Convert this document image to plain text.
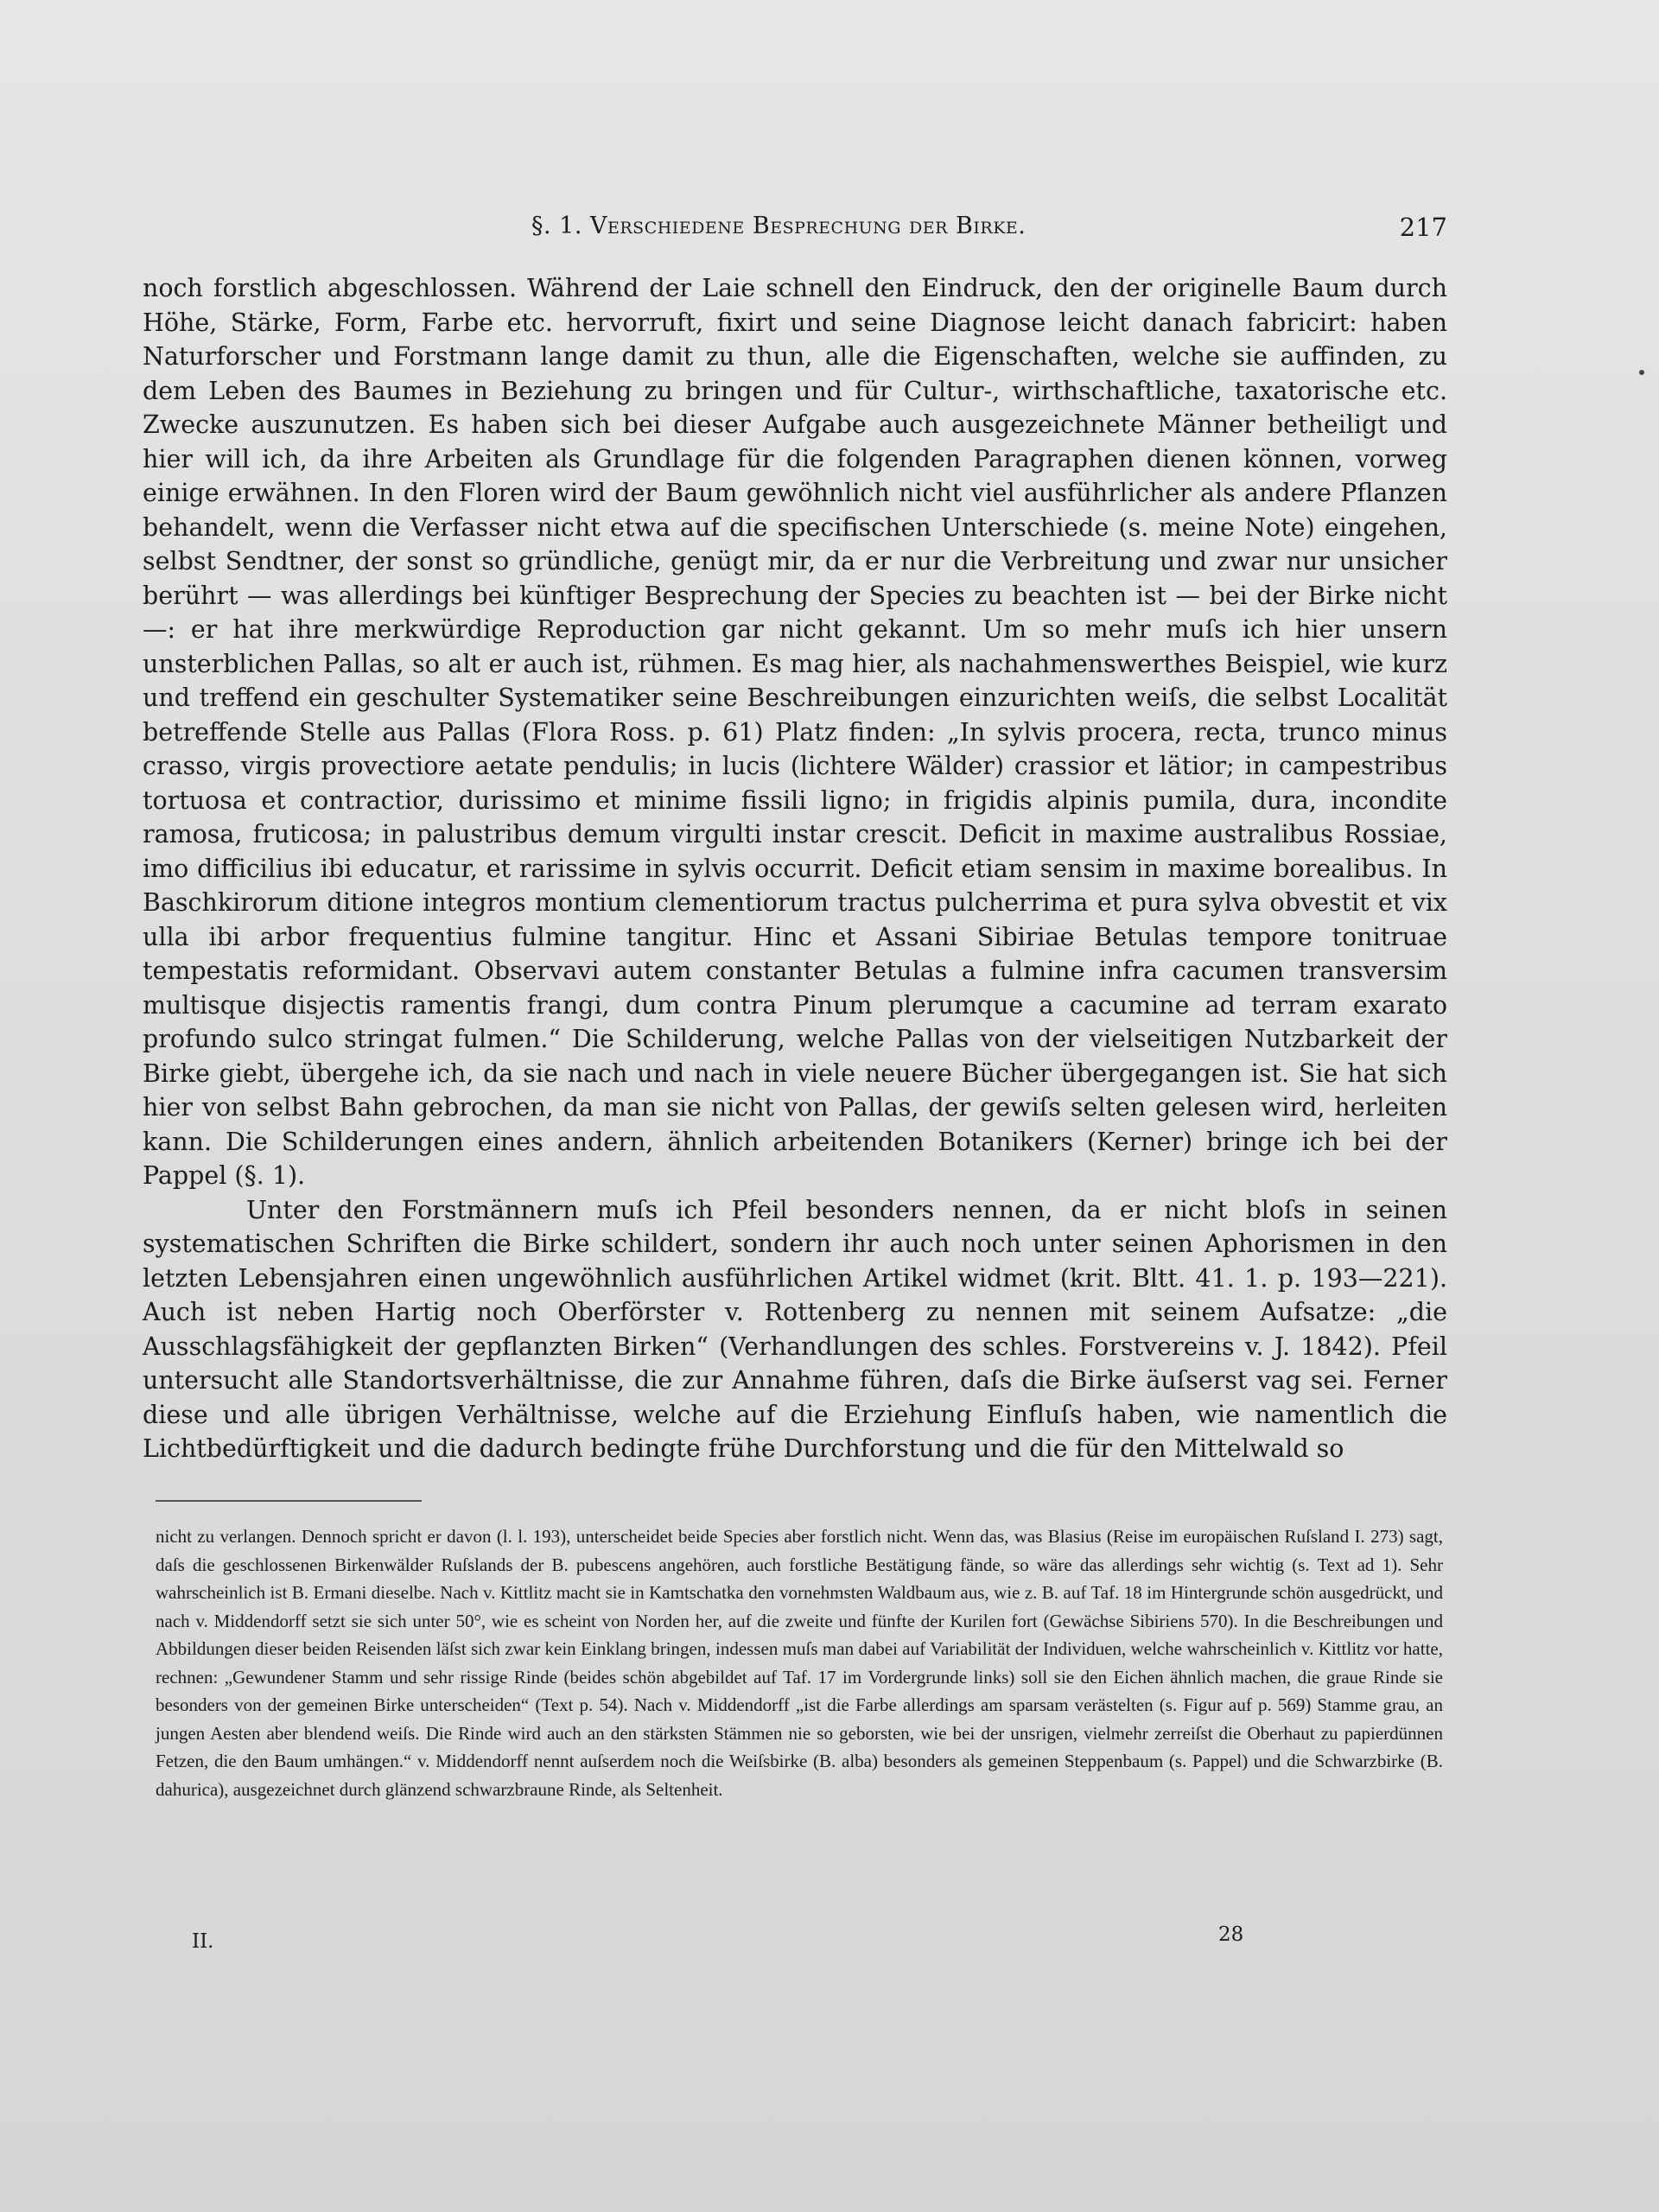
§. 1. Verschiedene Besprechung der Birke.	217

noch forstlich abgeschlossen. Während der Laie schnell den Eindruck, den der originelle Baum durch Höhe, Stärke, Form, Farbe etc. hervorruft, fixirt und seine Diagnose leicht danach fabricirt: haben Naturforscher und Forstmann lange damit zu thun, alle die Eigenschaften, welche sie auffinden, zu dem Leben des Baumes in Beziehung zu bringen und für Cultur-, wirthschaftliche, taxatorische etc. Zwecke auszunutzen. Es haben sich bei dieser Aufgabe auch ausgezeichnete Männer betheiligt und hier will ich, da ihre Arbeiten als Grundlage für die folgenden Paragraphen dienen können, vorweg einige erwähnen. In den Floren wird der Baum gewöhnlich nicht viel ausführlicher als andere Pflanzen behandelt, wenn die Verfasser nicht etwa auf die specifischen Unterschiede (s. meine Note) eingehen, selbst Sendtner, der sonst so gründliche, genügt mir, da er nur die Verbreitung und zwar nur unsicher berührt — was allerdings bei künftiger Besprechung der Species zu beachten ist — bei der Birke nicht —: er hat ihre merkwürdige Reproduction gar nicht gekannt. Um so mehr muſs ich hier unsern unsterblichen Pallas, so alt er auch ist, rühmen. Es mag hier, als nachahmenswerthes Beispiel, wie kurz und treffend ein geschulter Systematiker seine Beschreibungen einzurichten weiſs, die selbst Localität betreffende Stelle aus Pallas (Flora Ross. p. 61) Platz finden: „In sylvis procera, recta, trunco minus crasso, virgis provectiore aetate pendulis; in lucis (lichtere Wälder) crassior et lätior; in campestribus tortuosa et contractior, durissimo et minime fissili ligno; in frigidis alpinis pumila, dura, incondite ramosa, fruticosa; in palustribus demum virgulti instar crescit. Deficit in maxime australibus Rossiae, imo difficilius ibi educatur, et rarissime in sylvis occurrit. Deficit etiam sensim in maxime borealibus. In Baschkirorum ditione integros montium clementiorum tractus pulcherrima et pura sylva obvestit et vix ulla ibi arbor frequentius fulmine tangitur. Hinc et Assani Sibiriae Betulas tempore tonitruae tempestatis reformidant. Observavi autem constanter Betulas a fulmine infra cacumen transversim multisque disjectis ramentis frangi, dum contra Pinum plerumque a cacumine ad terram exarato profundo sulco stringat fulmen.“ Die Schilderung, welche Pallas von der vielseitigen Nutzbarkeit der Birke giebt, übergehe ich, da sie nach und nach in viele neuere Bücher übergegangen ist. Sie hat sich hier von selbst Bahn gebrochen, da man sie nicht von Pallas, der gewiſs selten gelesen wird, herleiten kann. Die Schilderungen eines andern, ähnlich arbeitenden Botanikers (Kerner) bringe ich bei der Pappel (§. 1).

Unter den Forstmännern muſs ich Pfeil besonders nennen, da er nicht bloſs in seinen systematischen Schriften die Birke schildert, sondern ihr auch noch unter seinen Aphorismen in den letzten Lebensjahren einen ungewöhnlich ausführlichen Artikel widmet (krit. Bltt. 41. 1. p. 193—221). Auch ist neben Hartig noch Oberförster v. Rottenberg zu nennen mit seinem Aufsatze: „die Ausschlagsfähigkeit der gepflanzten Birken“ (Verhandlungen des schles. Forstvereins v. J. 1842). Pfeil untersucht alle Standortsverhältnisse, die zur Annahme führen, daſs die Birke äuſserst vag sei. Ferner diese und alle übrigen Verhältnisse, welche auf die Erziehung Einfluſs haben, wie namentlich die Lichtbedürftigkeit und die dadurch bedingte frühe Durchforstung und die für den Mittelwald so

nicht zu verlangen. Dennoch spricht er davon (l. l. 193), unterscheidet beide Species aber forstlich nicht. Wenn das, was Blasius (Reise im europäischen Ruſsland I. 273) sagt, daſs die geschlossenen Birkenwälder Ruſslands der B. pubescens angehören, auch forstliche Bestätigung fände, so wäre das allerdings sehr wichtig (s. Text ad 1). Sehr wahrscheinlich ist B. Ermani dieselbe. Nach v. Kittlitz macht sie in Kamtschatka den vornehmsten Waldbaum aus, wie z. B. auf Taf. 18 im Hintergrunde schön ausgedrückt, und nach v. Middendorff setzt sie sich unter 50°, wie es scheint von Norden her, auf die zweite und fünfte der Kurilen fort (Gewächse Sibiriens 570). In die Beschreibungen und Abbildungen dieser beiden Reisenden läſst sich zwar kein Einklang bringen, indessen muſs man dabei auf Variabilität der Individuen, welche wahrscheinlich v. Kittlitz vor hatte, rechnen: „Gewundener Stamm und sehr rissige Rinde (beides schön abgebildet auf Taf. 17 im Vordergrunde links) soll sie den Eichen ähnlich machen, die graue Rinde sie besonders von der gemeinen Birke unterscheiden“ (Text p. 54). Nach v. Middendorff „ist die Farbe allerdings am sparsam verästelten (s. Figur auf p. 569) Stamme grau, an jungen Aesten aber blendend weiſs. Die Rinde wird auch an den stärksten Stämmen nie so geborsten, wie bei der unsrigen, vielmehr zerreiſst die Oberhaut zu papierdünnen Fetzen, die den Baum umhängen.“ v. Middendorff nennt auſserdem noch die Weiſsbirke (B. alba) besonders als gemeinen Steppenbaum (s. Pappel) und die Schwarzbirke (B. dahurica), ausgezeichnet durch glänzend schwarzbraune Rinde, als Seltenheit.
II.	28
